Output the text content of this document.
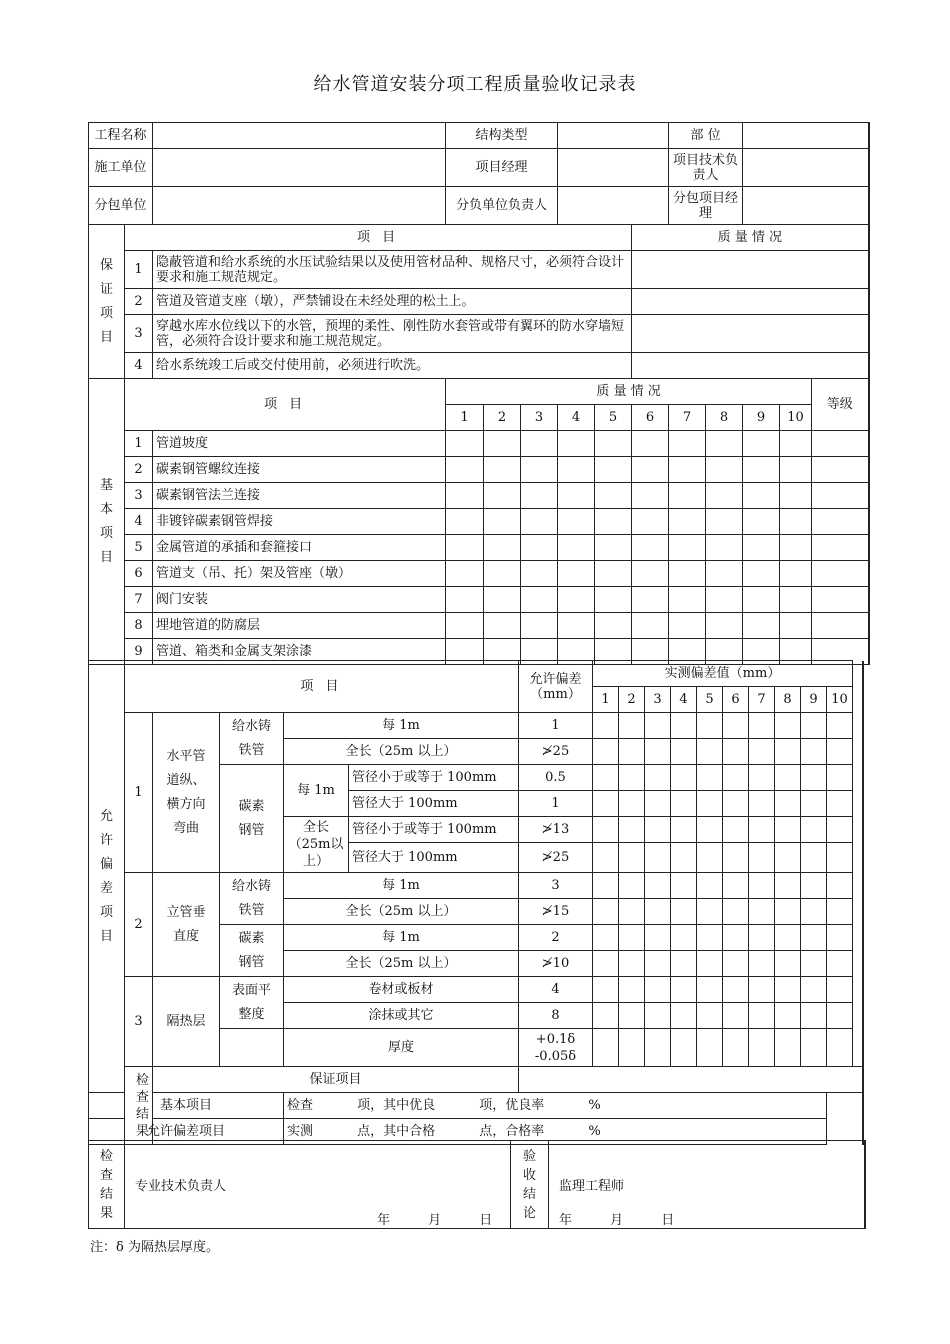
给水管道安装分项工程质量验收记录表
工程名称			结构类型						部 位				
施工单位			项目经理						项目技术负责人				
分包单位			分负单位负责人						分包项目经 理				
保证项目	项 目							质 量 情 况					
	1	隐蔽管道和给水系统的水压试验结果以及使用管材品种、规格尺寸，必须符合设计要求和施工规范规定。											
	2	管道及管道支座（墩），严禁铺设在未经处理的松土上。											
	3	穿越水库水位线以下的水管，预埋的柔性、刚性防水套管或带有翼环的防水穿墙短管，必须符合设计要求和施工规范规定。											
	4	给水系统竣工后或交付使用前，必须进行吹洗。											
基本项目	项 目		质 量 情 况										等级
			1	2	3	4	5	6	7	8	9	10	
	1	管道坡度											
	2	碳素钢管螺纹连接											
	3	碳素钢管法兰连接											
	4	非镀锌碳素钢管焊接											
	5	金属管道的承插和套箍接口											
	6	管道支（吊、托）架及管座（墩）											
	7	阀门安装											
	8	埋地管道的防腐层											
	9	管道、箱类和金属支架涂漆											
允许偏差项目	项 目					允许偏差（mm）	实测偏差值（mm）									
							1	2	3	4	5	6	7	8	9	10
	1	水平管道纵、横方向弯曲	给水铸铁管	每 1m		1										
				全长（25m 以上）		≯25										
			碳素钢管	每 1m	管径小于或等于 100mm	0.5										
					管径大于 100mm	1										
				全长（25m以上）	管径小于或等于 100mm	≯13										
					管径大于 100mm	≯25										
	2	立管垂直度	给水铸铁管	每 1m		3										
				全长（25m 以上）		≯15										
			碳素钢管	每 1m		2										
				全长（25m 以上）		≯10										
	3	隔热层	表面平整度	卷材或板材		4										
				涂抹或其它		8										
				厚度		+0.1δ
-0.05δ										

	检查结果	保证项目														
基本项目				检查 项，其中优良 项，优良率 %												
允许偏差项目				实测 点，其中合格 点，合格率 %												
检查结果	
专业技术负责人
年 月 日
	验收结论	
监理工程师
年 月 日
注：δ 为隔热层厚度。
